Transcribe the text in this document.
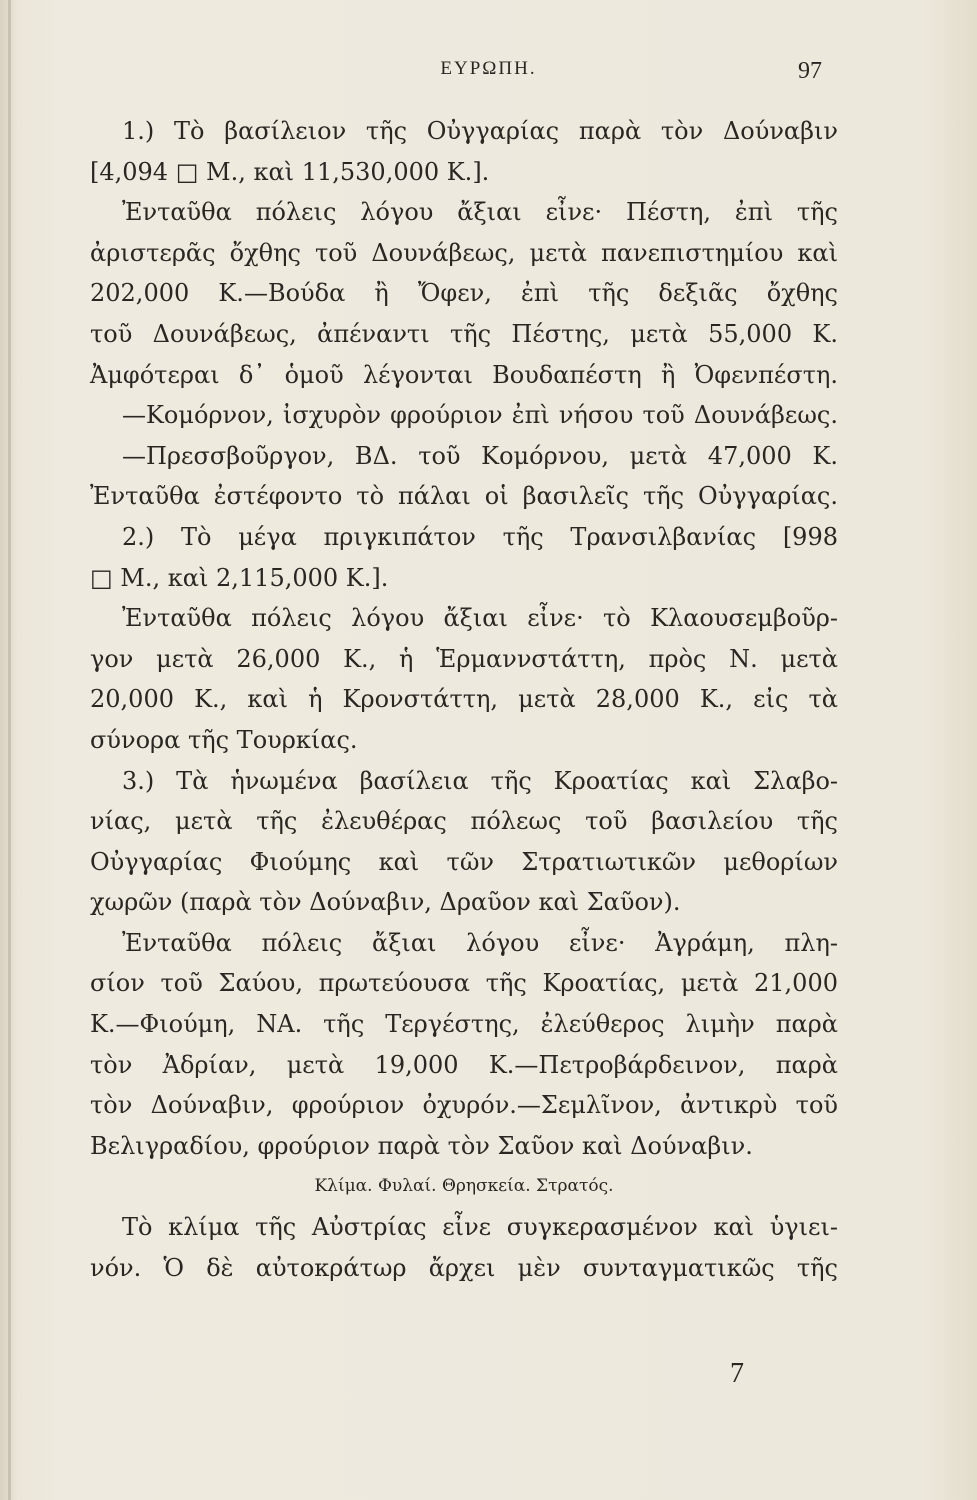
ΕΥΡΩΠΗ.	97
1.) Τὸ βασίλειον τῆς Οὐγγαρίας παρὰ τὸν Δούναβιν
[4,094 □ Μ., καὶ 11,530,000 Κ.].
Ἐνταῦθα πόλεις λόγου ἄξιαι εἶνε· Πέστη, ἐπὶ τῆς
ἀριστερᾶς ὄχθης τοῦ Δουνάβεως, μετὰ πανεπιστημίου καὶ
202,000 Κ.—Βούδα ἢ Ὄφεν, ἐπὶ τῆς δεξιᾶς ὄχθης
τοῦ Δουνάβεως, ἀπέναντι τῆς Πέστης, μετὰ 55,000 Κ.
Ἀμφότεραι δ᾽ ὁμοῦ λέγονται Βουδαπέστη ἢ Ὀφενπέστη.
—Κομόρνον, ἰσχυρὸν φρούριον ἐπὶ νήσου τοῦ Δουνάβεως.
—Πρεσσβοῦργον, ΒΔ. τοῦ Κομόρνου, μετὰ 47,000 Κ.
Ἐνταῦθα ἐστέφοντο τὸ πάλαι οἱ βασιλεῖς τῆς Οὐγγαρίας.
2.) Τὸ μέγα πριγκιπάτον τῆς Τρανσιλβανίας [998
□ Μ., καὶ 2,115,000 Κ.].
Ἐνταῦθα πόλεις λόγου ἄξιαι εἶνε· τὸ Κλαουσεμβοῦρ-
γον μετὰ 26,000 Κ., ἡ Ἑρμαννστάττη, πρὸς Ν. μετὰ
20,000 Κ., καὶ ἡ Κρονστάττη, μετὰ 28,000 Κ., εἰς τὰ
σύνορα τῆς Τουρκίας.
3.) Τὰ ἡνωμένα βασίλεια τῆς Κροατίας καὶ Σλαβο-
νίας, μετὰ τῆς ἐλευθέρας πόλεως τοῦ βασιλείου τῆς
Οὐγγαρίας Φιούμης καὶ τῶν Στρατιωτικῶν μεθορίων
χωρῶν (παρὰ τὸν Δούναβιν, Δραῦον καὶ Σαῦον).
Ἐνταῦθα πόλεις ἄξιαι λόγου εἶνε· Ἀγράμη, πλη-
σίον τοῦ Σαύου, πρωτεύουσα τῆς Κροατίας, μετὰ 21,000
Κ.—Φιούμη, ΝΑ. τῆς Τεργέστης, ἐλεύθερος λιμὴν παρὰ
τὸν Ἀδρίαν, μετὰ 19,000 Κ.—Πετροβάρδεινον, παρὰ
τὸν Δούναβιν, φρούριον ὀχυρόν.—Σεμλῖνον, ἀντικρὺ τοῦ
Βελιγραδίου, φρούριον παρὰ τὸν Σαῦον καὶ Δούναβιν.
Κλίμα. Φυλαί. Θρησκεία. Στρατός.
Τὸ κλίμα τῆς Αὐστρίας εἶνε συγκερασμένον καὶ ὑγιει-
νόν. Ὁ δὲ αὐτοκράτωρ ἄρχει μὲν συνταγματικῶς τῆς
7
